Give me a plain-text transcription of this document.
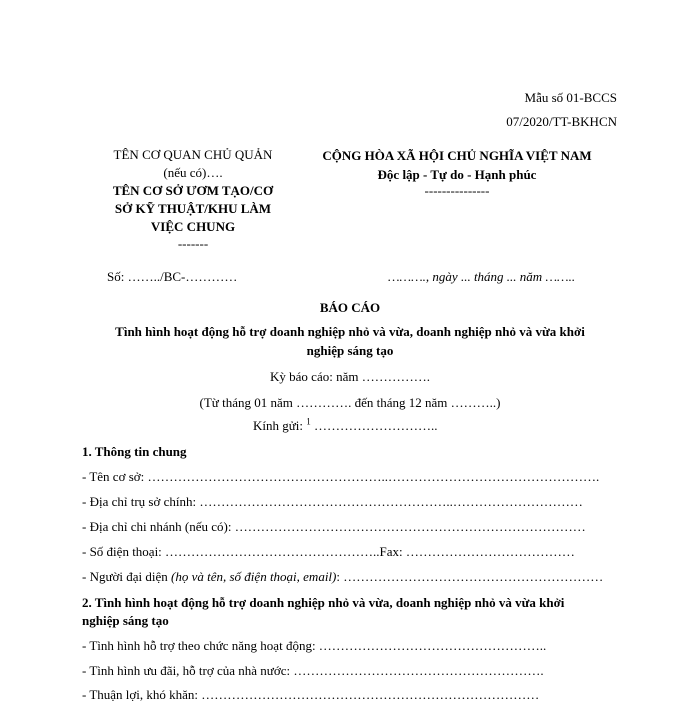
Mẫu số 01-BCCS
07/2020/TT-BKHCN
TÊN CƠ QUAN CHỦ QUẢN
(nếu có)….
TÊN CƠ SỞ ƯƠM TẠO/CƠ
SỞ KỸ THUẬT/KHU LÀM
VIỆC CHUNG
-------
CỘNG HÒA XÃ HỘI CHỦ NGHĨA VIỆT NAM
Độc lập - Tự do - Hạnh phúc
---------------
Số: ……../BC-…………	………., ngày ... tháng ... năm ……..
BÁO CÁO
Tình hình hoạt động hỗ trợ doanh nghiệp nhỏ và vừa, doanh nghiệp nhỏ và vừa khởi
nghiệp sáng tạo
Kỳ báo cáo: năm …………….
(Từ tháng 01 năm …………. đến tháng 12 năm ………..)
Kính gửi: $^1$ ………………………..
1. Thông tin chung
- Tên cơ sở: ………………………………………………..………………………………………….
- Địa chỉ trụ sở chính: …………………………………………………..…………………………
- Địa chỉ chi nhánh (nếu có): ………………………………………………………………………
- Số điện thoại: …………………………………………..Fax: …………………………………
- Người đại diện (họ và tên, số điện thoại, email): ……………………………………………………
2. Tình hình hoạt động hỗ trợ doanh nghiệp nhỏ và vừa, doanh nghiệp nhỏ và vừa khởi
nghiệp sáng tạo
- Tình hình hỗ trợ theo chức năng hoạt động: ……………………………………………..
- Tình hình ưu đãi, hỗ trợ của nhà nước: ………………………………………………….
- Thuận lợi, khó khăn: ……………………………………………………………………
